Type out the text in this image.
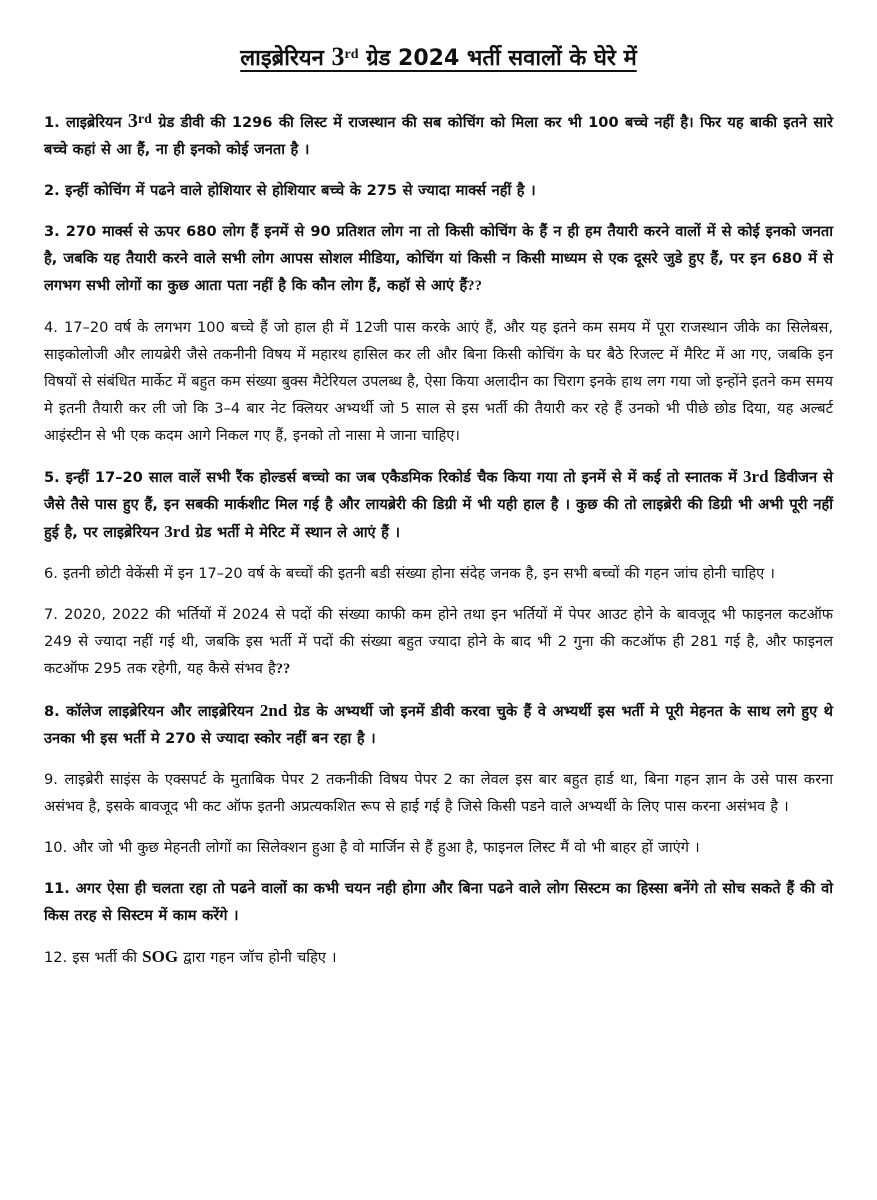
लाइब्रेरियन 3rd ग्रेड 2024 भर्ती सवालों के घेरे में

1. लाइब्रेरियन 3rd ग्रेड डीवी की 1296 की लिस्ट में राजस्थान की सब कोचिंग को मिला कर भी 100 बच्चे नहीं है। फिर यह बाकी इतने सारे बच्चे कहां से आ हैं, ना ही इनको कोई जनता है ।

2. इन्हीं कोचिंग में पढने वाले होशियार से होशियार बच्चे के 275 से ज्यादा मार्क्स नहीं है ।

3. 270 मार्क्स से ऊपर 680 लोग हैं इनमें से 90 प्रतिशत लोग ना तो किसी कोचिंग के हैं न ही हम तैयारी करने वालों में से कोई इनको जनता है, जबकि यह तैयारी करने वाले सभी लोग आपस सोशल मीडिया, कोचिंग यां किसी न किसी माध्यम से एक दूसरे जुडे हुए हैं, पर इन 680 में से लगभग सभी लोगों का कुछ आता पता नहीं है कि कौन लोग हैं, कहॉ से आएं हैं??

4. 17–20 वर्ष के लगभग 100 बच्चे हैं जो हाल ही में 12जी पास करके आएं हैं, और यह इतने कम समय में पूरा राजस्थान जीके का सिलेबस, साइकोलोजी और लायब्रेरी जैसे तकनीनी विषय में महारथ हासिल कर ली और बिना किसी कोचिंग के घर बैठे रिजल्ट में मैरिट में आ गए, जबकि इन विषयों से संबंधित मार्केट में बहुत कम संख्या बुक्स मैटेरियल उपलब्ध है, ऐसा किया अलादीन का चिराग इनके हाथ लग गया जो इन्होंने इतने कम समय मे इतनी तैयारी कर ली जो कि 3–4 बार नेट क्लियर अभ्यर्थी जो 5 साल से इस भर्ती की तैयारी कर रहे हैं उनको भी पीछे छोड दिया, यह अल्बर्ट आइंस्टीन से भी एक कदम आगे निकल गए हैं, इनको तो नासा मे जाना चाहिए।

5. इन्हीं 17–20 साल वालें सभी रैंक होल्डर्स बच्चो का जब एकैडमिक रिकोर्ड चैक किया गया तो इनमें से में कई तो स्नातक में 3rd डिवीजन से जैसे तैसे पास हुए हैं, इन सबकी मार्कशीट मिल गई है और लायब्रेरी की डिग्री में भी यही हाल है । कुछ की तो लाइब्रेरी की डिग्री भी अभी पूरी नहीं हुई है, पर लाइब्रेरियन 3rd ग्रेड भर्ती मे मेरिट में स्थान ले आएं हैं ।

6. इतनी छोटी वेकेंसी में इन 17–20 वर्ष के बच्चों की इतनी बडी संख्या होना संदेह जनक है, इन सभी बच्चों की गहन जांच होनी चाहिए ।

7. 2020, 2022 की भर्तियों में 2024 से पदों की संख्या काफी कम होने तथा इन भर्तियों में पेपर आउट होने के बावजूद भी फाइनल कटऑफ 249 से ज्यादा नहीं गई थी, जबकि इस भर्ती में पदों की संख्या बहुत ज्यादा होने के बाद भी 2 गुना की कटऑफ ही 281 गई है, और फाइनल कटऑफ 295 तक रहेगी, यह कैसे संभव है??

8. कॉलेज लाइब्रेरियन और लाइब्रेरियन 2nd ग्रेड के अभ्यर्थी जो इनमें डीवी करवा चुके हैं वे अभ्यर्थी इस भर्ती मे पूरी मेहनत के साथ लगे हुए थे उनका भी इस भर्ती मे 270 से ज्यादा स्कोर नहीं बन रहा है ।

9. लाइब्रेरी साइंस के एक्सपर्ट के मुताबिक पेपर 2 तकनीकी विषय पेपर 2 का लेवल इस बार बहुत हार्ड था, बिना गहन ज्ञान के उसे पास करना असंभव है, इसके बावजूद भी कट ऑफ इतनी अप्रत्यकशित रूप से हाई गई है जिसे किसी पडने वाले अभ्यर्थी के लिए पास करना असंभव है ।

10. और जो भी कुछ मेहनती लोगों का सिलेक्शन हुआ है वो मार्जिन से हैं हुआ है, फाइनल लिस्ट मैं वो भी बाहर हों जाएंगे ।

11. अगर ऐसा ही चलता रहा तो पढने वालों का कभी चयन नही होगा और बिना पढने वाले लोग सिस्टम का हिस्सा बनेंगे तो सोच सकते हैं की वो किस तरह से सिस्टम में काम करेंगे ।

12. इस भर्ती की SOG द्वारा गहन जॉच होनी चहिए ।
